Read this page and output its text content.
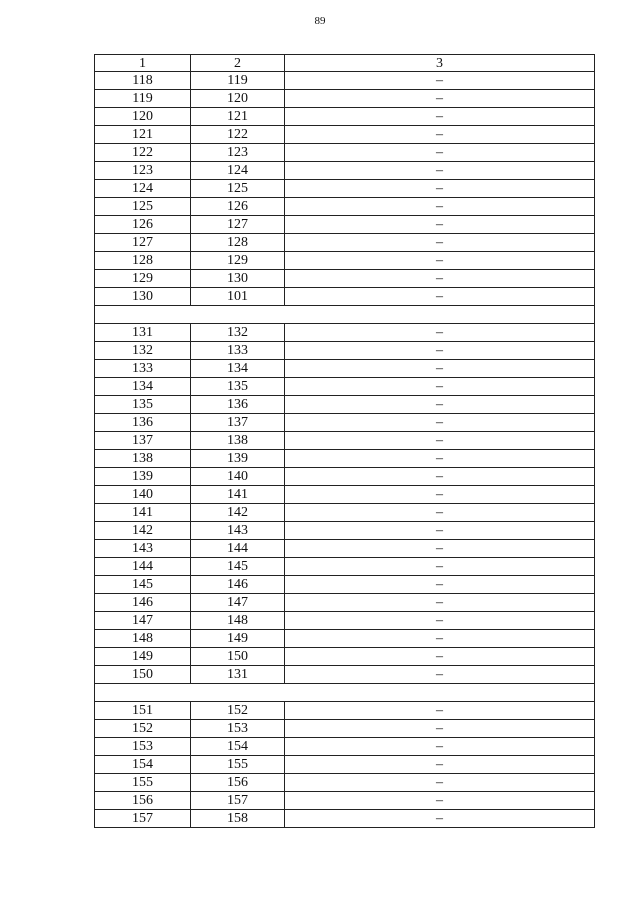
89
1	2	3
118	119	–
119	120	–
120	121	–
121	122	–
122	123	–
123	124	–
124	125	–
125	126	–
126	127	–
127	128	–
128	129	–
129	130	–
130	101	–
131	132	–
132	133	–
133	134	–
134	135	–
135	136	–
136	137	–
137	138	–
138	139	–
139	140	–
140	141	–
141	142	–
142	143	–
143	144	–
144	145	–
145	146	–
146	147	–
147	148	–
148	149	–
149	150	–
150	131	–
151	152	–
152	153	–
153	154	–
154	155	–
155	156	–
156	157	–
157	158	–
